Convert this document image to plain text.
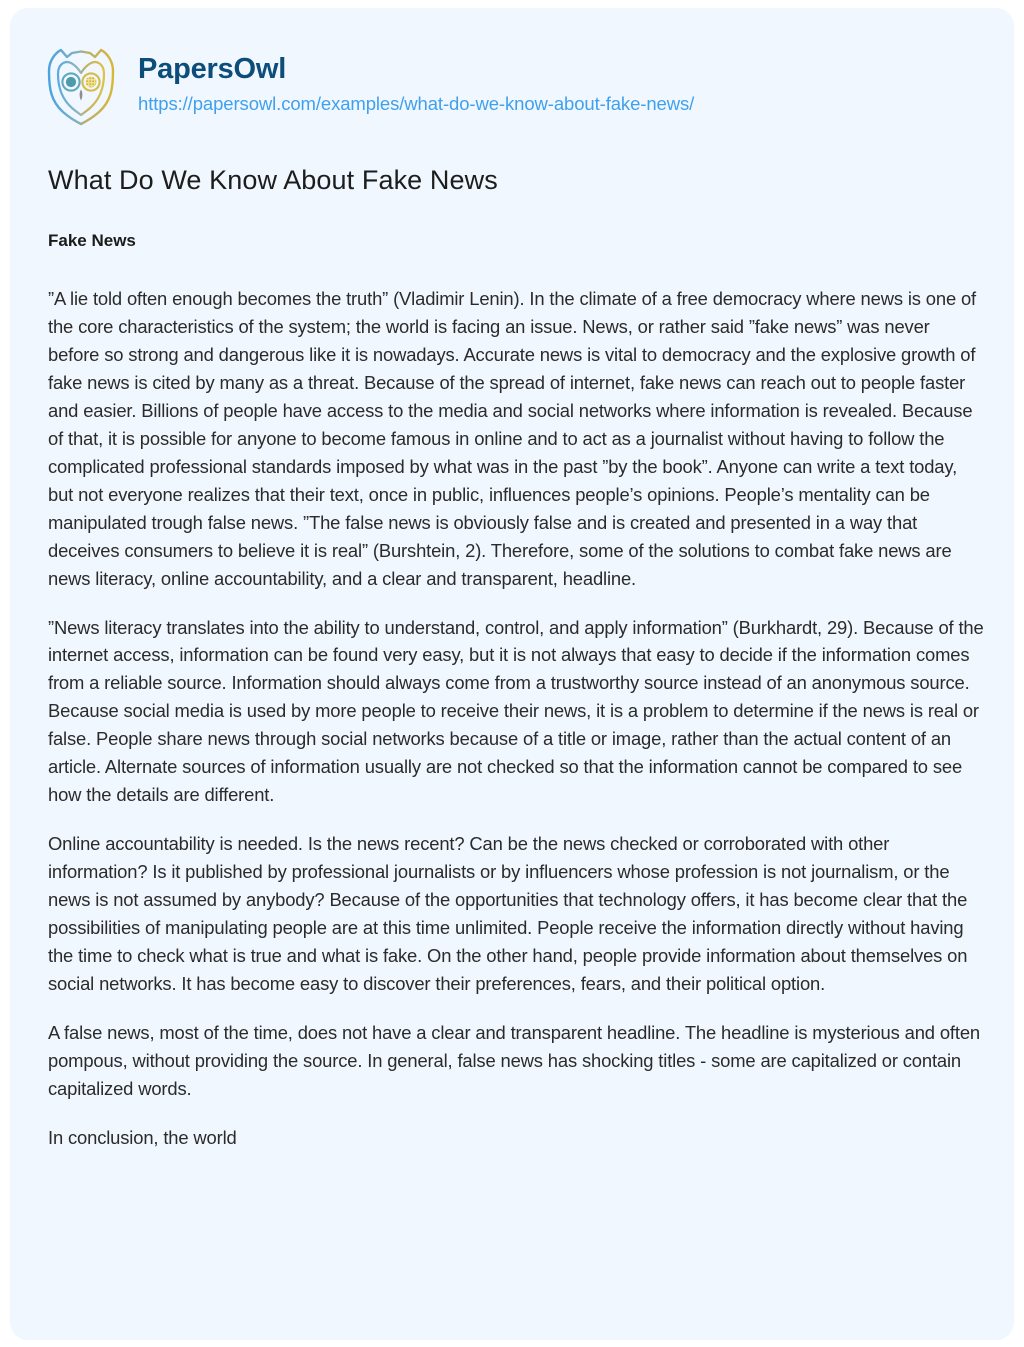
PapersOwl
https://papersowl.com/examples/what-do-we-know-about-fake-news/
What Do We Know About Fake News
Fake News

”A lie told often enough becomes the truth” (Vladimir Lenin). In the climate of a free democracy where news is one of the core characteristics of the system; the world is facing an issue. News, or rather said ”fake news” was never before so strong and dangerous like it is nowadays. Accurate news is vital to democracy and the explosive growth of fake news is cited by many as a threat. Because of the spread of internet, fake news can reach out to people faster and easier. Billions of people have access to the media and social networks where information is revealed. Because of that, it is possible for anyone to become famous in online and to act as a journalist without having to follow the complicated professional standards imposed by what was in the past ”by the book”. Anyone can write a text today, but not everyone realizes that their text, once in public, influences people’s opinions. People’s mentality can be manipulated trough false news. ”The false news is obviously false and is created and presented in a way that deceives consumers to believe it is real” (Burshtein, 2). Therefore, some of the solutions to combat fake news are news literacy, online accountability, and a clear and transparent, headline.

”News literacy translates into the ability to understand, control, and apply information” (Burkhardt, 29). Because of the internet access, information can be found very easy, but it is not always that easy to decide if the information comes from a reliable source. Information should always come from a trustworthy source instead of an anonymous source. Because social media is used by more people to receive their news, it is a problem to determine if the news is real or false. People share news through social networks because of a title or image, rather than the actual content of an article. Alternate sources of information usually are not checked so that the information cannot be compared to see how the details are different.

Online accountability is needed. Is the news recent? Can be the news checked or corroborated with other information? Is it published by professional journalists or by influencers whose profession is not journalism, or the news is not assumed by anybody? Because of the opportunities that technology offers, it has become clear that the possibilities of manipulating people are at this time unlimited. People receive the information directly without having the time to check what is true and what is fake. On the other hand, people provide information about themselves on social networks. It has become easy to discover their preferences, fears, and their political option.

A false news, most of the time, does not have a clear and transparent headline. The headline is mysterious and often pompous, without providing the source. In general, false news has shocking titles - some are capitalized or contain capitalized words.

In conclusion, the world
